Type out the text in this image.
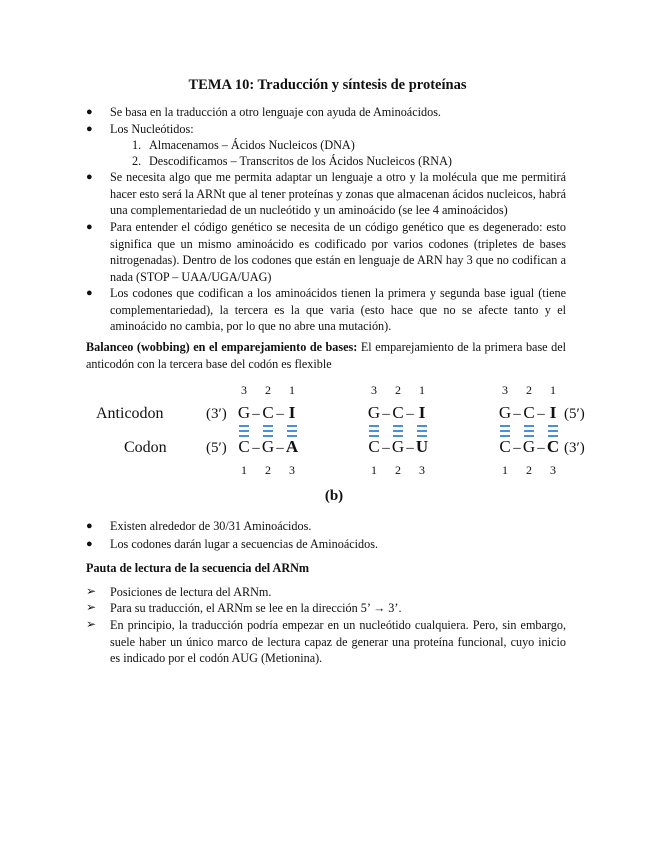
TEMA 10: Traducción y síntesis de proteínas
● Se basa en la traducción a otro lenguaje con ayuda de Aminoácidos.
● Los Nucleótidos:
1. Almacenamos – Ácidos Nucleicos (DNA)
2. Descodificamos – Transcritos de los Ácidos Nucleicos (RNA)
● Se necesita algo que me permita adaptar un lenguaje a otro y la molécula que me permitirá hacer esto será la ARNt que al tener proteínas y zonas que almacenan ácidos nucleicos, habrá una complementariedad de un nucleótido y un aminoácido (se lee 4 aminoácidos)
● Para entender el código genético se necesita de un código genético que es degenerado: esto significa que un mismo aminoácido es codificado por varios codones (tripletes de bases nitrogenadas). Dentro de los codones que están en lenguaje de ARN hay 3 que no codifican a nada (STOP – UAA/UGA/UAG)
● Los codones que codifican a los aminoácidos tienen la primera y segunda base igual (tiene complementariedad), la tercera es la que varia (esto hace que no se afecte tanto y el aminoácido no cambia, por lo que no abre una mutación).
Balanceo (wobbing) en el emparejamiento de bases: El emparejamiento de la primera base del anticodón con la tercera base del codón es flexible
Anticodon
Codon
(3′)
(5′)
(5′)
(3′)
3
G
C
1
–
–
2
C
G
2
–
–
1
I
A
3
3
G
C
1
–
–
2
C
G
2
–
–
1
I
U
3
3
G
C
1
–
–
2
C
G
2
–
–
1
I
C
3
(b)
● Existen alrededor de 30/31 Aminoácidos.
● Los codones darán lugar a secuencias de Aminoácidos.
Pauta de lectura de la secuencia del ARNm
➢ Posiciones de lectura del ARNm.
➢ Para su traducción, el ARNm se lee en la dirección 5’ → 3’.
➢ En principio, la traducción podría empezar en un nucleótido cualquiera. Pero, sin embargo, suele haber un único marco de lectura capaz de generar una proteína funcional, cuyo inicio es indicado por el codón AUG (Metionina).
